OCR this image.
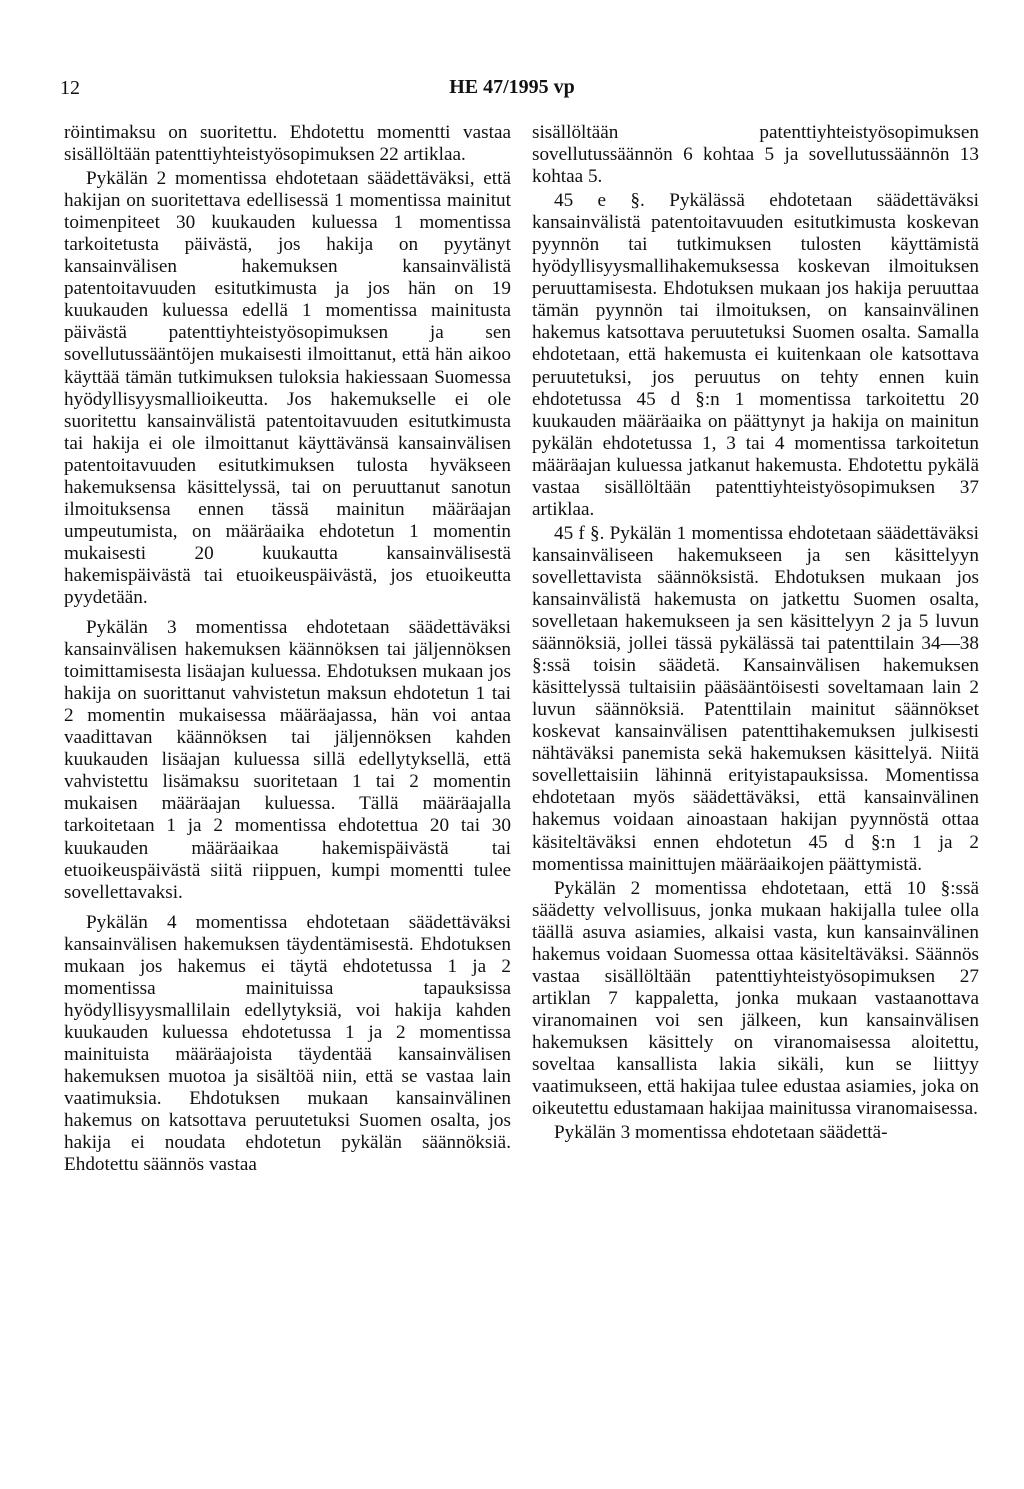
12	HE 47/1995 vp

röintimaksu on suoritettu. Ehdotettu momentti vastaa sisällöltään patenttiyhteistyösopimuksen 22 artiklaa.

Pykälän 2 momentissa ehdotetaan säädettäväksi, että hakijan on suoritettava edellisessä 1 momentissa mainitut toimenpiteet 30 kuukauden kuluessa 1 momentissa tarkoitetusta päivästä, jos hakija on pyytänyt kansainvälisen hakemuksen kansainvälistä patentoitavuuden esitutkimusta ja jos hän on 19 kuukauden kuluessa edellä 1 momentissa mainitusta päivästä patenttiyhteistyösopimuksen ja sen sovellutussääntöjen mukaisesti ilmoittanut, että hän aikoo käyttää tämän tutkimuksen tuloksia hakiessaan Suomessa hyödyllisyysmallioikeutta. Jos hakemukselle ei ole suoritettu kansainvälistä patentoitavuuden esitutkimusta tai hakija ei ole ilmoittanut käyttävänsä kansainvälisen patentoitavuuden esitutkimuksen tulosta hyväkseen hakemuksensa käsittelyssä, tai on peruuttanut sanotun ilmoituksensa ennen tässä mainitun määräajan umpeutumista, on määräaika ehdotetun 1 momentin mukaisesti 20 kuukautta kansainvälisestä hakemispäivästä tai etuoikeuspäivästä, jos etuoikeutta pyydetään.

Pykälän 3 momentissa ehdotetaan säädettäväksi kansainvälisen hakemuksen käännöksen tai jäljennöksen toimittamisesta lisäajan kuluessa. Ehdotuksen mukaan jos hakija on suorittanut vahvistetun maksun ehdotetun 1 tai 2 momentin mukaisessa määräajassa, hän voi antaa vaadittavan käännöksen tai jäljennöksen kahden kuukauden lisäajan kuluessa sillä edellytyksellä, että vahvistettu lisämaksu suoritetaan 1 tai 2 momentin mukaisen määräajan kuluessa. Tällä määräajalla tarkoitetaan 1 ja 2 momentissa ehdotettua 20 tai 30 kuukauden määräaikaa hakemispäivästä tai etuoikeuspäivästä siitä riippuen, kumpi momentti tulee sovellettavaksi.

Pykälän 4 momentissa ehdotetaan säädettäväksi kansainvälisen hakemuksen täydentämisestä. Ehdotuksen mukaan jos hakemus ei täytä ehdotetussa 1 ja 2 momentissa mainituissa tapauksissa hyödyllisyysmallilain edellytyksiä, voi hakija kahden kuukauden kuluessa ehdotetussa 1 ja 2 momentissa mainituista määräajoista täydentää kansainvälisen hakemuksen muotoa ja sisältöä niin, että se vastaa lain vaatimuksia. Ehdotuksen mukaan kansainvälinen hakemus on katsottava peruutetuksi Suomen osalta, jos hakija ei noudata ehdotetun pykälän säännöksiä. Ehdotettu säännös vastaa

sisällöltään patenttiyhteistyösopimuksen sovellutussäännön 6 kohtaa 5 ja sovellutussäännön 13 kohtaa 5.

45 e §. Pykälässä ehdotetaan säädettäväksi kansainvälistä patentoitavuuden esitutkimusta koskevan pyynnön tai tutkimuksen tulosten käyttämistä hyödyllisyysmallihakemuksessa koskevan ilmoituksen peruuttamisesta. Ehdotuksen mukaan jos hakija peruuttaa tämän pyynnön tai ilmoituksen, on kansainvälinen hakemus katsottava peruutetuksi Suomen osalta. Samalla ehdotetaan, että hakemusta ei kuitenkaan ole katsottava peruutetuksi, jos peruutus on tehty ennen kuin ehdotetussa 45 d §:n 1 momentissa tarkoitettu 20 kuukauden määräaika on päättynyt ja hakija on mainitun pykälän ehdotetussa 1, 3 tai 4 momentissa tarkoitetun määräajan kuluessa jatkanut hakemusta. Ehdotettu pykälä vastaa sisällöltään patenttiyhteistyösopimuksen 37 artiklaa.

45 f §. Pykälän 1 momentissa ehdotetaan säädettäväksi kansainväliseen hakemukseen ja sen käsittelyyn sovellettavista säännöksistä. Ehdotuksen mukaan jos kansainvälistä hakemusta on jatkettu Suomen osalta, sovelletaan hakemukseen ja sen käsittelyyn 2 ja 5 luvun säännöksiä, jollei tässä pykälässä tai patenttilain 34—38 §:ssä toisin säädetä. Kansainvälisen hakemuksen käsittelyssä tultaisiin pääsääntöisesti soveltamaan lain 2 luvun säännöksiä. Patenttilain mainitut säännökset koskevat kansainvälisen patenttihakemuksen julkisesti nähtäväksi panemista sekä hakemuksen käsittelyä. Niitä sovellettaisiin lähinnä erityistapauksissa. Momentissa ehdotetaan myös säädettäväksi, että kansainvälinen hakemus voidaan ainoastaan hakijan pyynnöstä ottaa käsiteltäväksi ennen ehdotetun 45 d §:n 1 ja 2 momentissa mainittujen määräaikojen päättymistä.

Pykälän 2 momentissa ehdotetaan, että 10 §:ssä säädetty velvollisuus, jonka mukaan hakijalla tulee olla täällä asuva asiamies, alkaisi vasta, kun kansainvälinen hakemus voidaan Suomessa ottaa käsiteltäväksi. Säännös vastaa sisällöltään patenttiyhteistyösopimuksen 27 artiklan 7 kappaletta, jonka mukaan vastaanottava viranomainen voi sen jälkeen, kun kansainvälisen hakemuksen käsittely on viranomaisessa aloitettu, soveltaa kansallista lakia sikäli, kun se liittyy vaatimukseen, että hakijaa tulee edustaa asiamies, joka on oikeutettu edustamaan hakijaa mainitussa viranomaisessa.

Pykälän 3 momentissa ehdotetaan säädettä-
